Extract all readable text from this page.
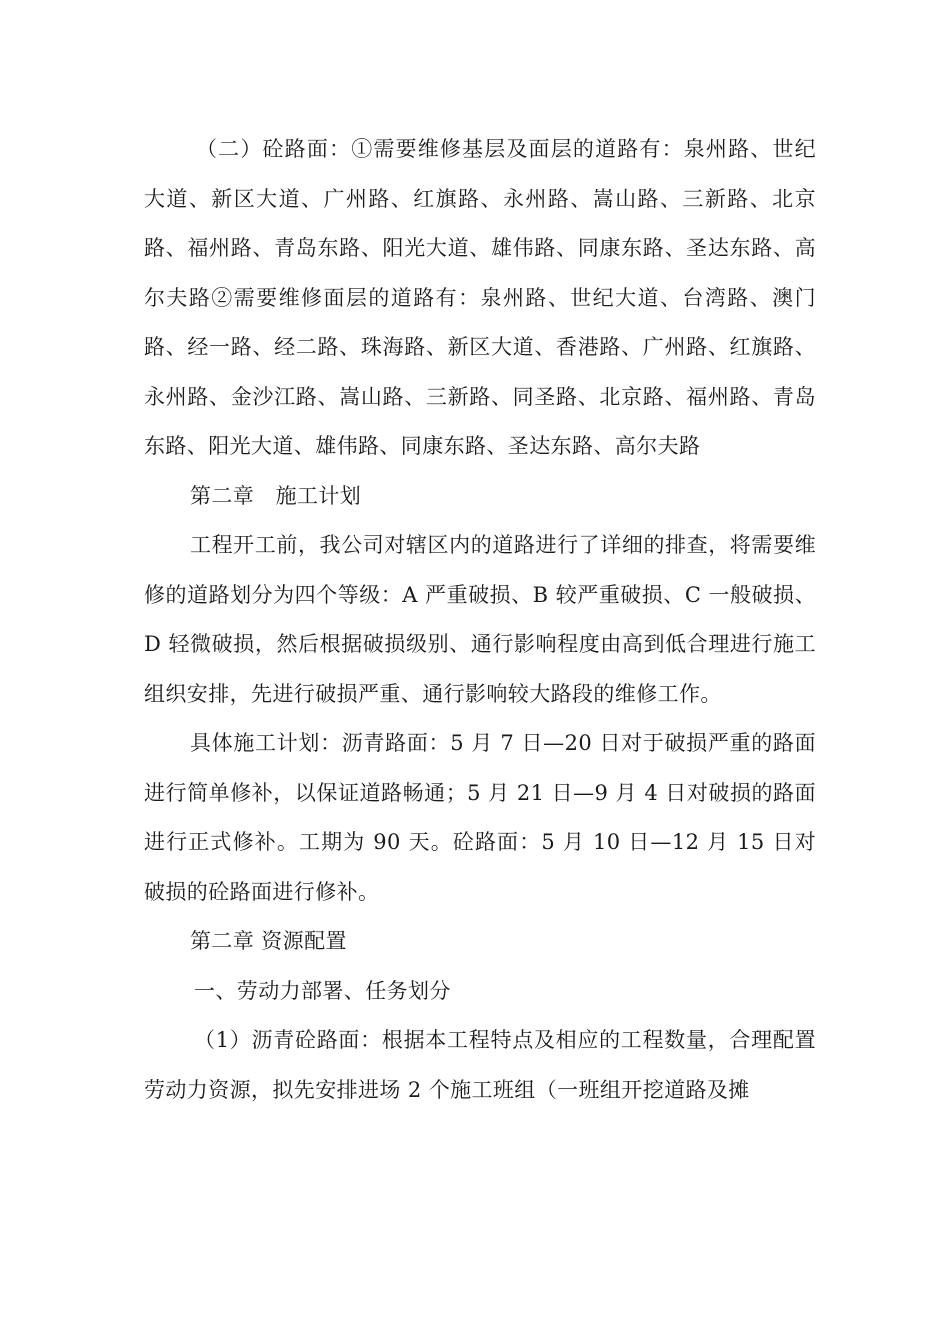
（二）砼路面：①需要维修基层及面层的道路有：泉州路、世纪大道、新区大道、广州路、红旗路、永州路、嵩山路、三新路、北京路、福州路、青岛东路、阳光大道、雄伟路、同康东路、圣达东路、高尔夫路②需要维修面层的道路有：泉州路、世纪大道、台湾路、澳门路、经一路、经二路、珠海路、新区大道、香港路、广州路、红旗路、永州路、金沙江路、嵩山路、三新路、同圣路、北京路、福州路、青岛东路、阳光大道、雄伟路、同康东路、圣达东路、高尔夫路

第二章　施工计划

工程开工前，我公司对辖区内的道路进行了详细的排查，将需要维修的道路划分为四个等级：A 严重破损、B 较严重破损、C 一般破损、D 轻微破损，然后根据破损级别、通行影响程度由高到低合理进行施工组织安排，先进行破损严重、通行影响较大路段的维修工作。

具体施工计划：沥青路面：5 月 7 日—20 日对于破损严重的路面进行简单修补，以保证道路畅通；5 月 21 日—9 月 4 日对破损的路面进行正式修补。工期为 90 天。砼路面：5 月 10 日—12 月 15 日对破损的砼路面进行修补。

第二章 资源配置

一、劳动力部署、任务划分

（1）沥青砼路面：根据本工程特点及相应的工程数量，合理配置劳动力资源，拟先安排进场 2 个施工班组（一班组开挖道路及摊
